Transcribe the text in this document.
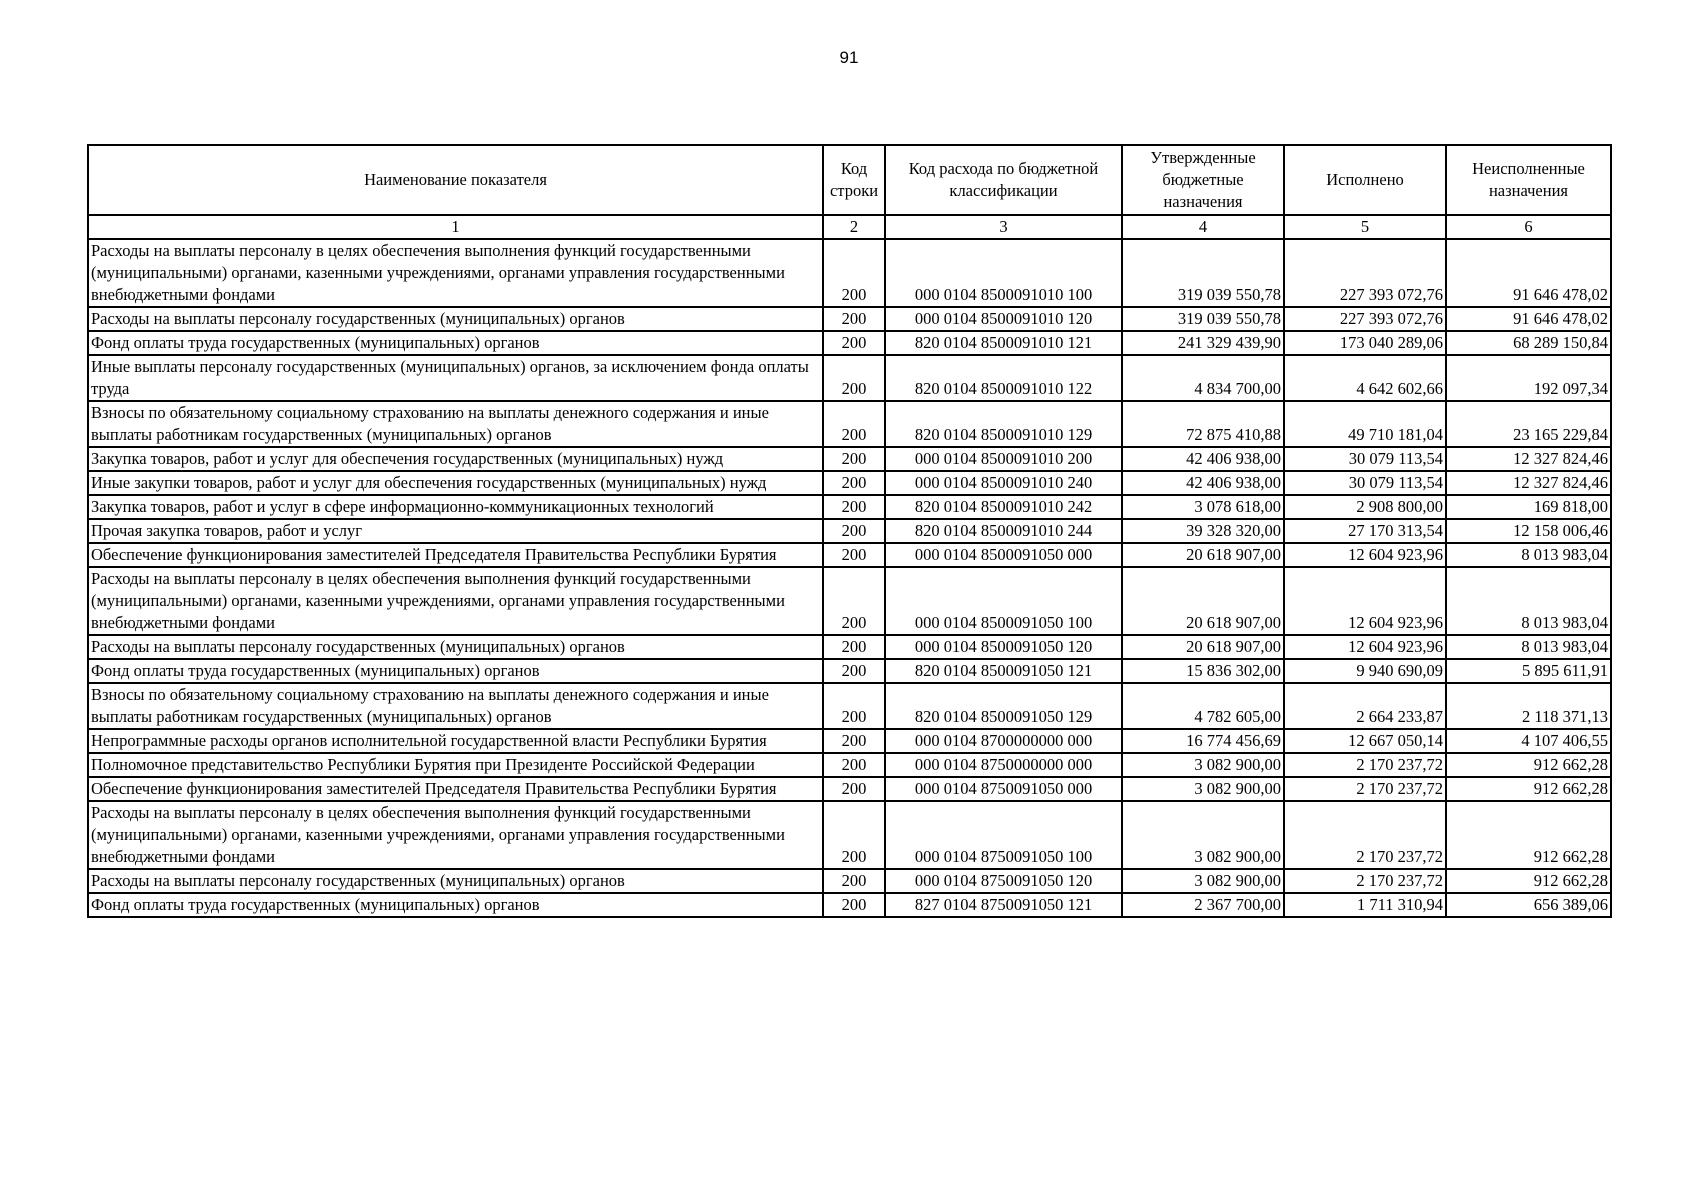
91
Наименование показателя	Код строки	Код расхода по бюджетной классификации	Утвержденные бюджетные назначения	Исполнено	Неисполненные назначения
1	2	3	4	5	6
Расходы на выплаты персоналу в целях обеспечения выполнения функций государственными (муниципальными) органами, казенными учреждениями, органами управления государственными внебюджетными фондами	200	000 0104 8500091010 100	319 039 550,78	227 393 072,76	91 646 478,02
Расходы на выплаты персоналу государственных (муниципальных) органов	200	000 0104 8500091010 120	319 039 550,78	227 393 072,76	91 646 478,02
Фонд оплаты труда государственных (муниципальных) органов	200	820 0104 8500091010 121	241 329 439,90	173 040 289,06	68 289 150,84
Иные выплаты персоналу государственных (муниципальных) органов, за исключением фонда оплаты труда	200	820 0104 8500091010 122	4 834 700,00	4 642 602,66	192 097,34
Взносы по обязательному социальному страхованию на выплаты денежного содержания и иные выплаты работникам государственных (муниципальных) органов	200	820 0104 8500091010 129	72 875 410,88	49 710 181,04	23 165 229,84
Закупка товаров, работ и услуг для обеспечения государственных (муниципальных) нужд	200	000 0104 8500091010 200	42 406 938,00	30 079 113,54	12 327 824,46
Иные закупки товаров, работ и услуг для обеспечения государственных (муниципальных) нужд	200	000 0104 8500091010 240	42 406 938,00	30 079 113,54	12 327 824,46
Закупка товаров, работ и услуг в сфере информационно-коммуникационных технологий	200	820 0104 8500091010 242	3 078 618,00	2 908 800,00	169 818,00
Прочая закупка товаров, работ и услуг	200	820 0104 8500091010 244	39 328 320,00	27 170 313,54	12 158 006,46
Обеспечение функционирования заместителей Председателя Правительства Республики Бурятия	200	000 0104 8500091050 000	20 618 907,00	12 604 923,96	8 013 983,04
Расходы на выплаты персоналу в целях обеспечения выполнения функций государственными (муниципальными) органами, казенными учреждениями, органами управления государственными внебюджетными фондами	200	000 0104 8500091050 100	20 618 907,00	12 604 923,96	8 013 983,04
Расходы на выплаты персоналу государственных (муниципальных) органов	200	000 0104 8500091050 120	20 618 907,00	12 604 923,96	8 013 983,04
Фонд оплаты труда государственных (муниципальных) органов	200	820 0104 8500091050 121	15 836 302,00	9 940 690,09	5 895 611,91
Взносы по обязательному социальному страхованию на выплаты денежного содержания и иные выплаты работникам государственных (муниципальных) органов	200	820 0104 8500091050 129	4 782 605,00	2 664 233,87	2 118 371,13
Непрограммные расходы органов исполнительной государственной власти Республики Бурятия	200	000 0104 8700000000 000	16 774 456,69	12 667 050,14	4 107 406,55
Полномочное представительство Республики Бурятия при Президенте Российской Федерации	200	000 0104 8750000000 000	3 082 900,00	2 170 237,72	912 662,28
Обеспечение функционирования заместителей Председателя Правительства Республики Бурятия	200	000 0104 8750091050 000	3 082 900,00	2 170 237,72	912 662,28
Расходы на выплаты персоналу в целях обеспечения выполнения функций государственными (муниципальными) органами, казенными учреждениями, органами управления государственными внебюджетными фондами	200	000 0104 8750091050 100	3 082 900,00	2 170 237,72	912 662,28
Расходы на выплаты персоналу государственных (муниципальных) органов	200	000 0104 8750091050 120	3 082 900,00	2 170 237,72	912 662,28
Фонд оплаты труда государственных (муниципальных) органов	200	827 0104 8750091050 121	2 367 700,00	1 711 310,94	656 389,06
